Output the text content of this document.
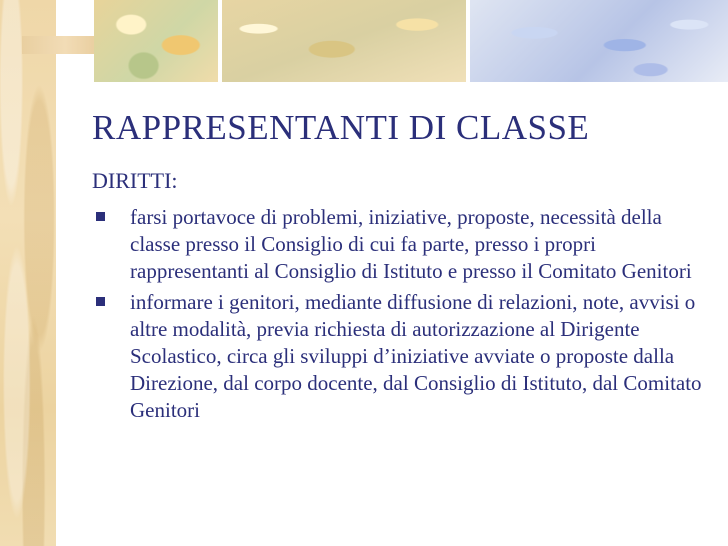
RAPPRESENTANTI DI CLASSE
DIRITTI:
farsi portavoce di problemi, iniziative, proposte, necessità della classe presso il Consiglio di cui fa parte, presso i propri rappresentanti al Consiglio di Istituto e presso il Comitato Genitori
informare i genitori, mediante diffusione di relazioni, note, avvisi o altre modalità, previa richiesta di autorizzazione al Dirigente Scolastico, circa gli sviluppi d’iniziative avviate o proposte dalla Direzione, dal corpo docente, dal Consiglio di Istituto, dal Comitato Genitori
